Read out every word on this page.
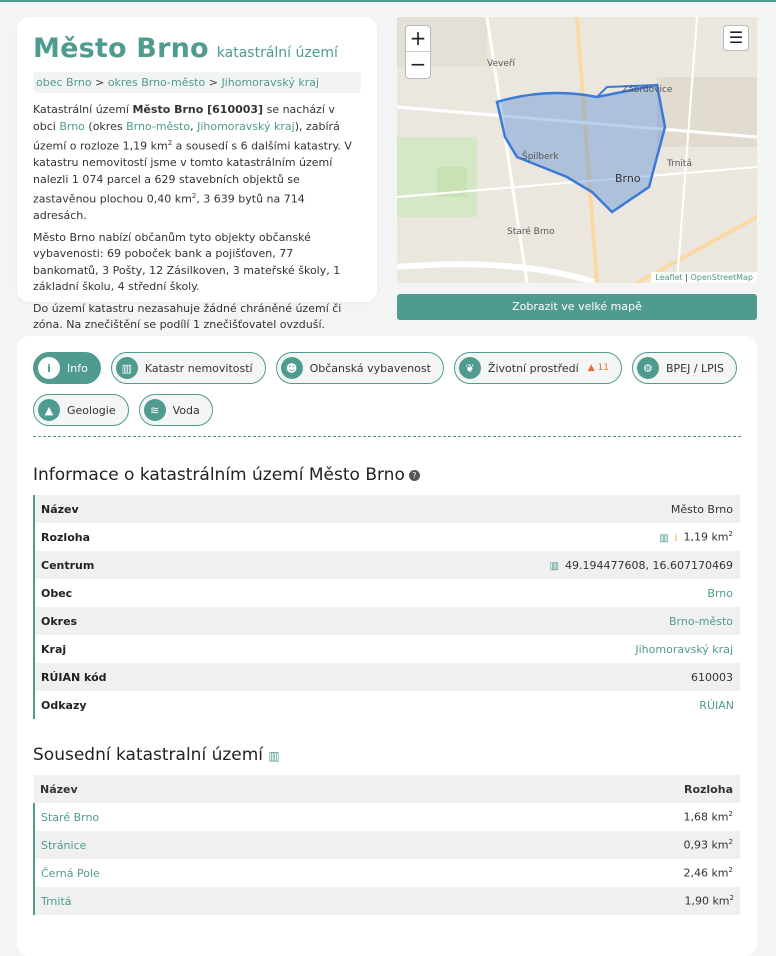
Město Brno katastrální území
obec Brno > okres Brno-město > Jihomoravský kraj

Katastrální území Město Brno [610003] se nachází v obci Brno (okres Brno-město, Jihomoravský kraj), zabírá území o rozloze 1,19 $km^2$ a sousedí s 6 dalšími katastry. V katastru nemovitostí jsme v tomto katastrálním území nalezli 1 074 parcel a 629 stavebních objektů se zastavěnou plochou 0,40 $km^2$, 3 639 bytů na 714 adresách.

Město Brno nabízí občanům tyto objekty občanské vybavenosti: 69 poboček bank a pojišťoven, 77 bankomatů, 3 Pošty, 12 Zásilkoven, 3 mateřské školy, 1 základní školu, 4 střední školy.

Do území katastru nezasahuje žádné chráněné území či zóna. Na znečištění se podílí 1 znečišťovatel ovzduší.

Veveří
Zábrdovice
Špilberk
Brno
Trnitá
Staré Brno
+
−
☰
Leaflet | OpenStreetMap
Zobrazit ve velké mapě
i	Info	▥	Katastr nemovitostí	☻	Občanská vybavenost	❦	Životní prostředí ▲ 11	⚙	BPEJ / LPIS
▲	Geologie	≋	Voda
Informace o katastrálním území Město Brno ?
Název	Město Brno
Rozloha	▥ i 1,19 $km^2$
Centrum	▥ 49.194477608, 16.607170469
Obec	Brno
Okres	Brno-město
Kraj	Jihomoravský kraj
RÚIAN kód	610003
Odkazy	RÚIAN
Sousední katastralní území ▥
Název	Rozloha
Staré Brno	1,68 $km^2$
Stránice	0,93 $km^2$
Černá Pole	2,46 $km^2$
Trnitá	1,90 $km^2$
